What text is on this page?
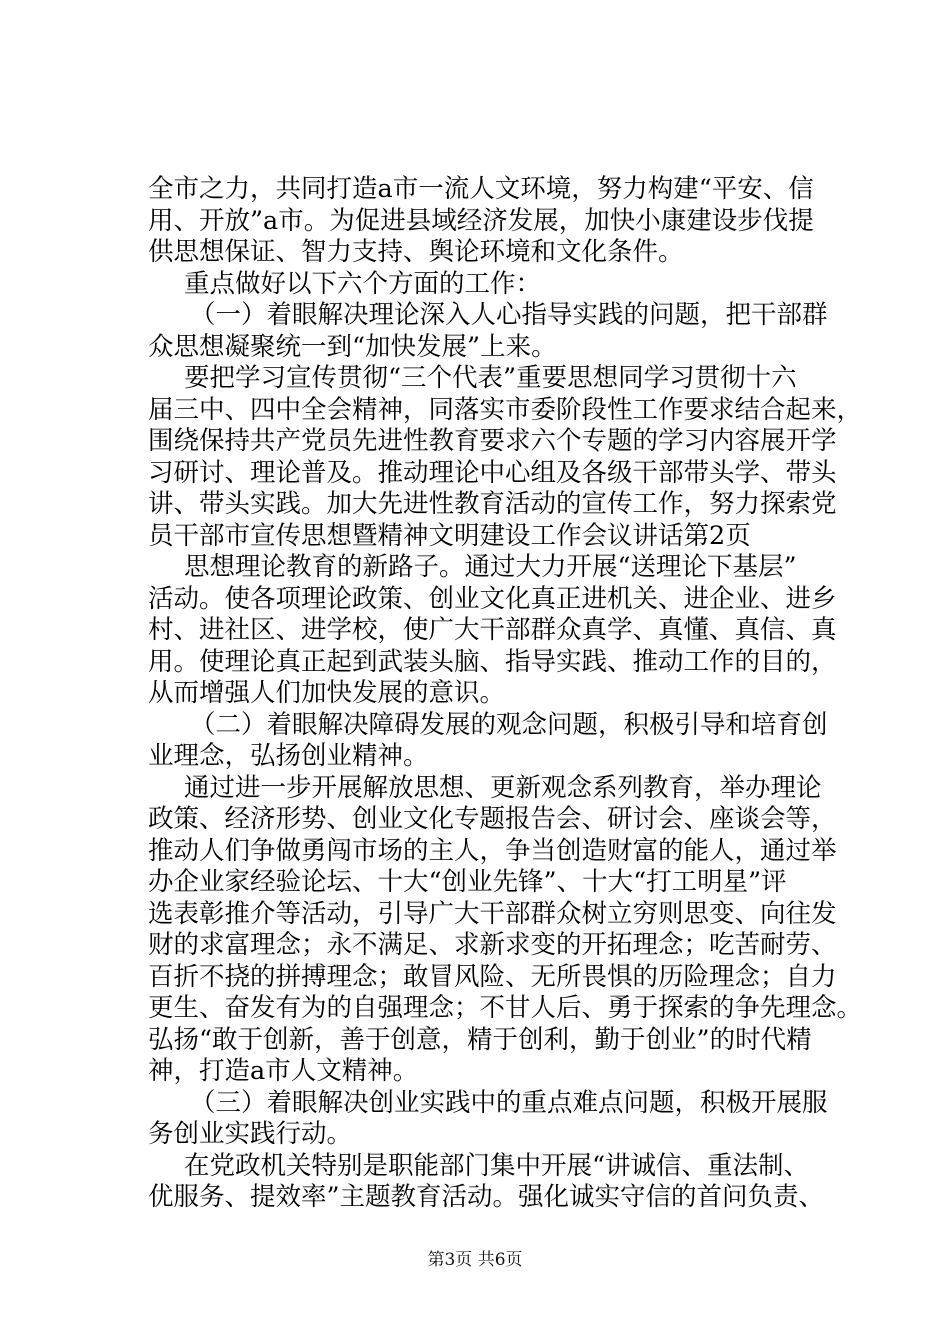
全市之力，共同打造a市一流人文环境，努力构建“平安、信
用、开放”a市。为促进县域经济发展，加快小康建设步伐提
供思想保证、智力支持、舆论环境和文化条件。
重点做好以下六个方面的工作：
（一）着眼解决理论深入人心指导实践的问题，把干部群
众思想凝聚统一到“加快发展”上来。
要把学习宣传贯彻“三个代表”重要思想同学习贯彻十六
届三中、四中全会精神，同落实市委阶段性工作要求结合起来，
围绕保持共产党员先进性教育要求六个专题的学习内容展开学
习研讨、理论普及。推动理论中心组及各级干部带头学、带头
讲、带头实践。加大先进性教育活动的宣传工作，努力探索党
员干部市宣传思想暨精神文明建设工作会议讲话第2页
思想理论教育的新路子。通过大力开展“送理论下基层”
活动。使各项理论政策、创业文化真正进机关、进企业、进乡
村、进社区、进学校，使广大干部群众真学、真懂、真信、真
用。使理论真正起到武装头脑、指导实践、推动工作的目的，
从而增强人们加快发展的意识。
（二）着眼解决障碍发展的观念问题，积极引导和培育创
业理念，弘扬创业精神。
通过进一步开展解放思想、更新观念系列教育，举办理论
政策、经济形势、创业文化专题报告会、研讨会、座谈会等，
推动人们争做勇闯市场的主人，争当创造财富的能人，通过举
办企业家经验论坛、十大“创业先锋”、十大“打工明星”评
选表彰推介等活动，引导广大干部群众树立穷则思变、向往发
财的求富理念；永不满足、求新求变的开拓理念；吃苦耐劳、
百折不挠的拼搏理念；敢冒风险、无所畏惧的历险理念；自力
更生、奋发有为的自强理念；不甘人后、勇于探索的争先理念。
弘扬“敢于创新，善于创意，精于创利，勤于创业”的时代精
神，打造a市人文精神。
（三）着眼解决创业实践中的重点难点问题，积极开展服
务创业实践行动。
在党政机关特别是职能部门集中开展“讲诚信、重法制、
优服务、提效率”主题教育活动。强化诚实守信的首问负责、
第3页 共6页
